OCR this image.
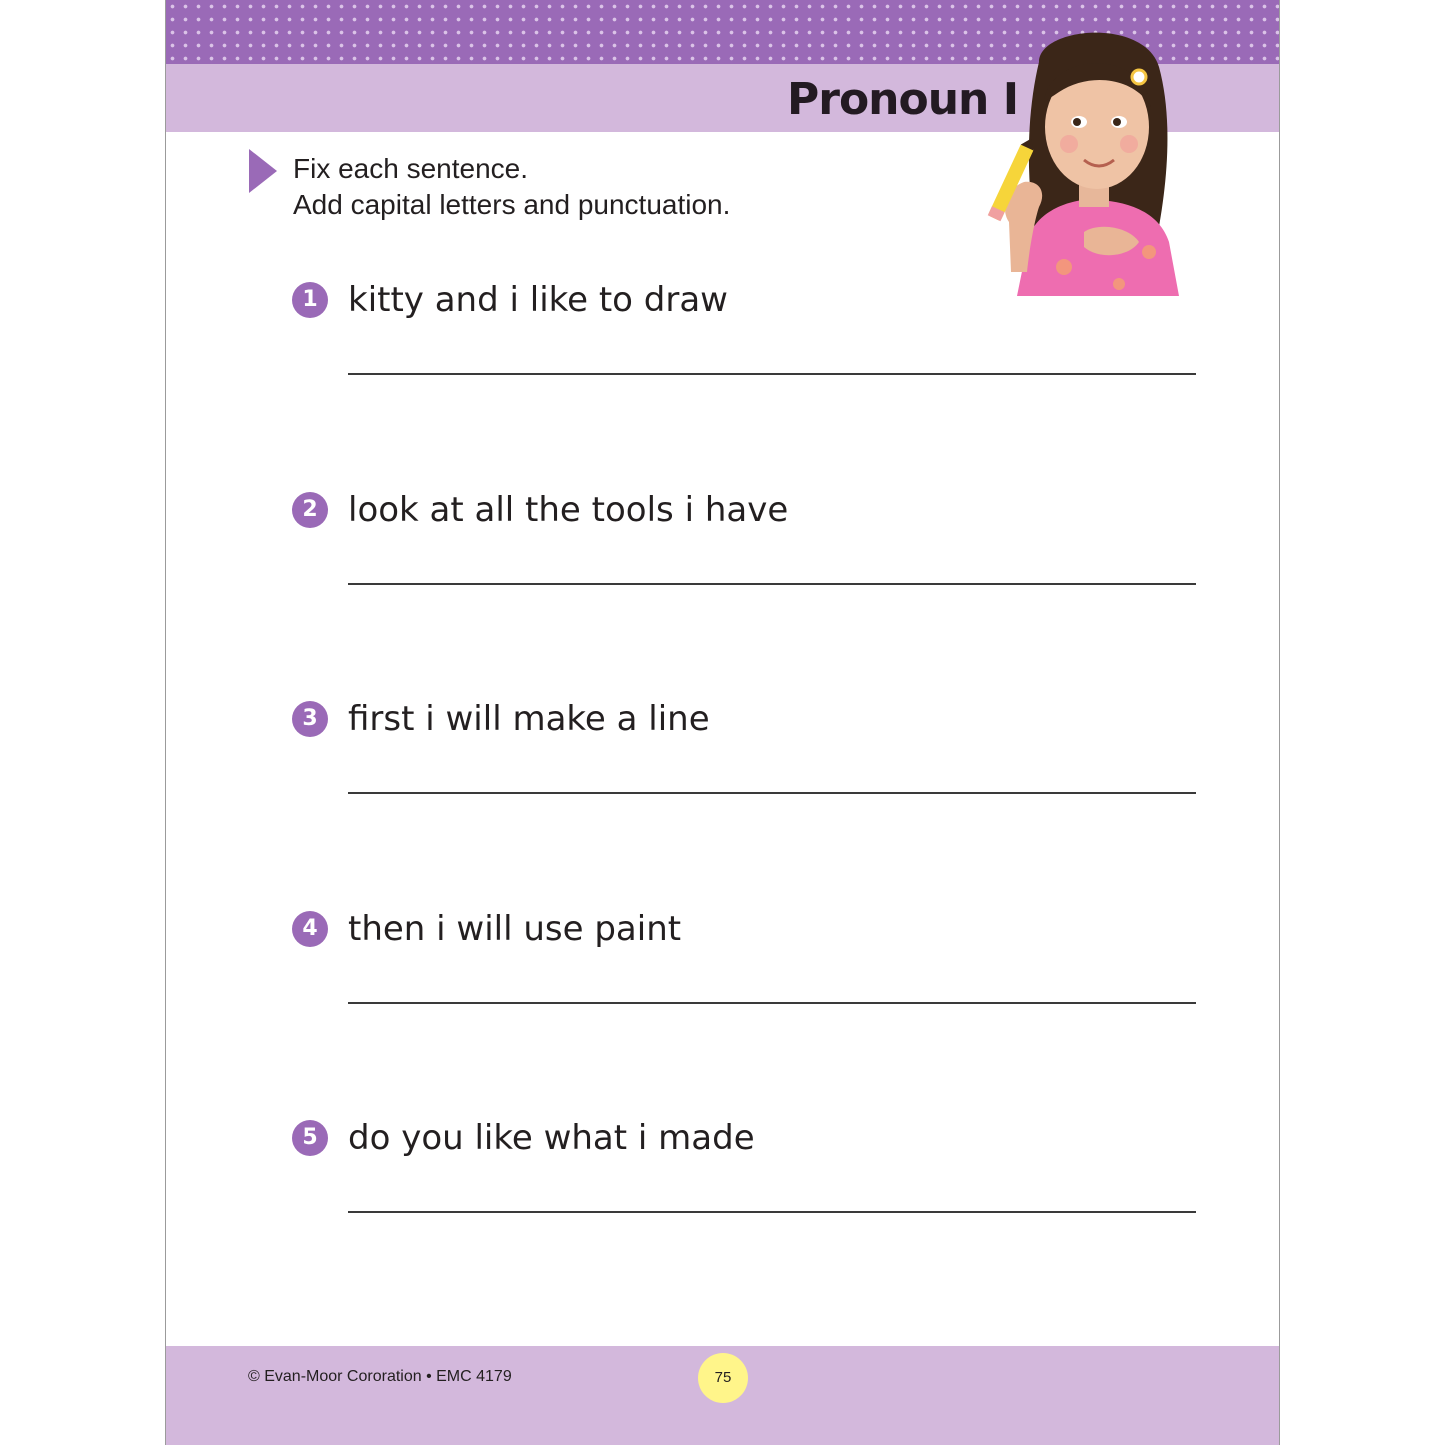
Pronoun I
Fix each sentence.
Add capital letters and punctuation.
1 kitty and i like to draw
2 look at all the tools i have
3 first i will make a line
4 then i will use paint
5 do you like what i made
© Evan-Moor Cororation • EMC 4179	75
